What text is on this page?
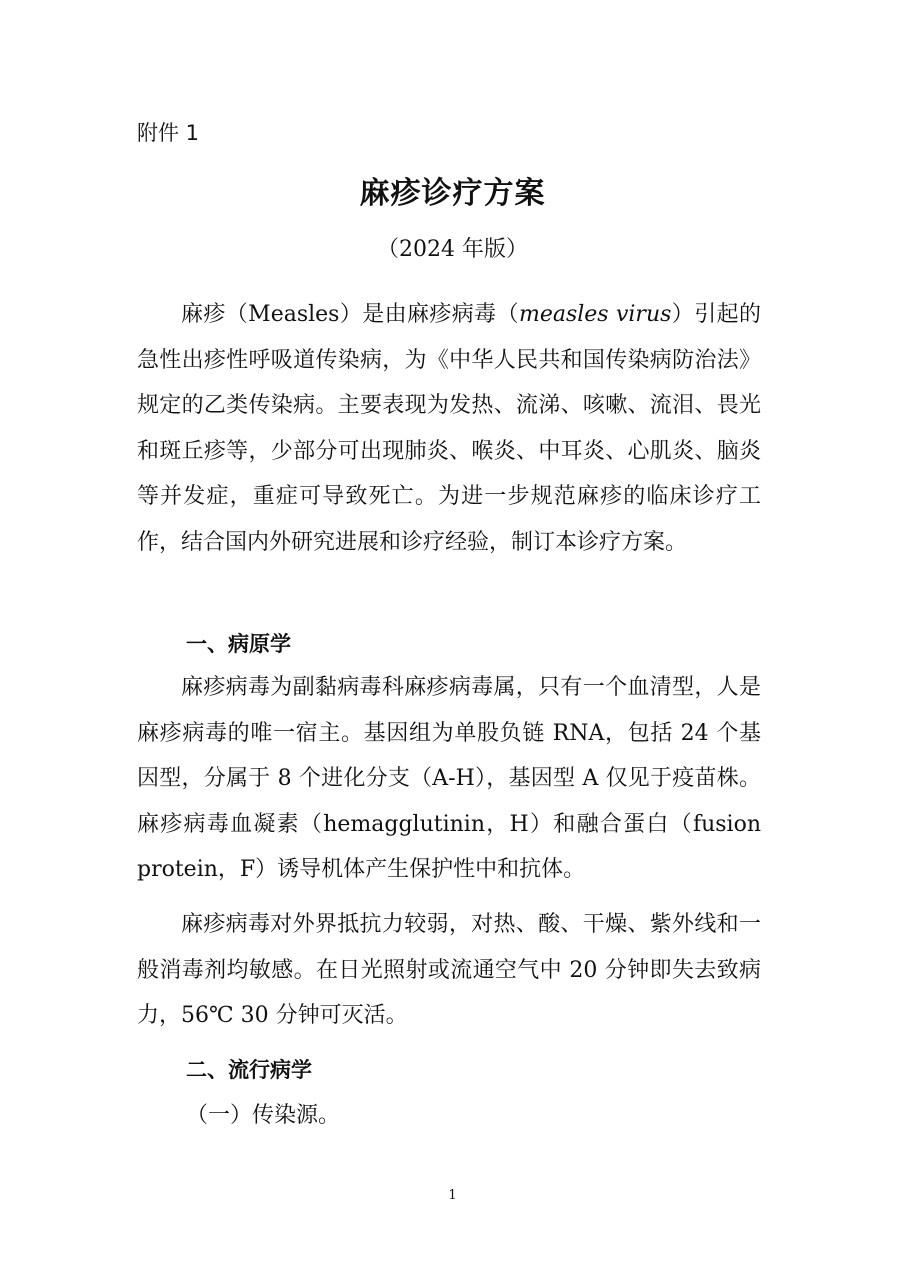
附件 1

麻疹诊疗方案

（2024 年版）

麻疹（Measles）是由麻疹病毒（measles virus）引起的急性出疹性呼吸道传染病，为《中华人民共和国传染病防治法》规定的乙类传染病。主要表现为发热、流涕、咳嗽、流泪、畏光和斑丘疹等，少部分可出现肺炎、喉炎、中耳炎、心肌炎、脑炎等并发症，重症可导致死亡。为进一步规范麻疹的临床诊疗工作，结合国内外研究进展和诊疗经验，制订本诊疗方案。

一、病原学

麻疹病毒为副黏病毒科麻疹病毒属，只有一个血清型，人是麻疹病毒的唯一宿主。基因组为单股负链 RNA，包括 24 个基因型，分属于 8 个进化分支（A-H），基因型 A 仅见于疫苗株。麻疹病毒血凝素（hemagglutinin，H）和融合蛋白（fusion protein，F）诱导机体产生保护性中和抗体。

麻疹病毒对外界抵抗力较弱，对热、酸、干燥、紫外线和一般消毒剂均敏感。在日光照射或流通空气中 20 分钟即失去致病力，56℃ 30 分钟可灭活。

二、流行病学
（一）传染源。

1
